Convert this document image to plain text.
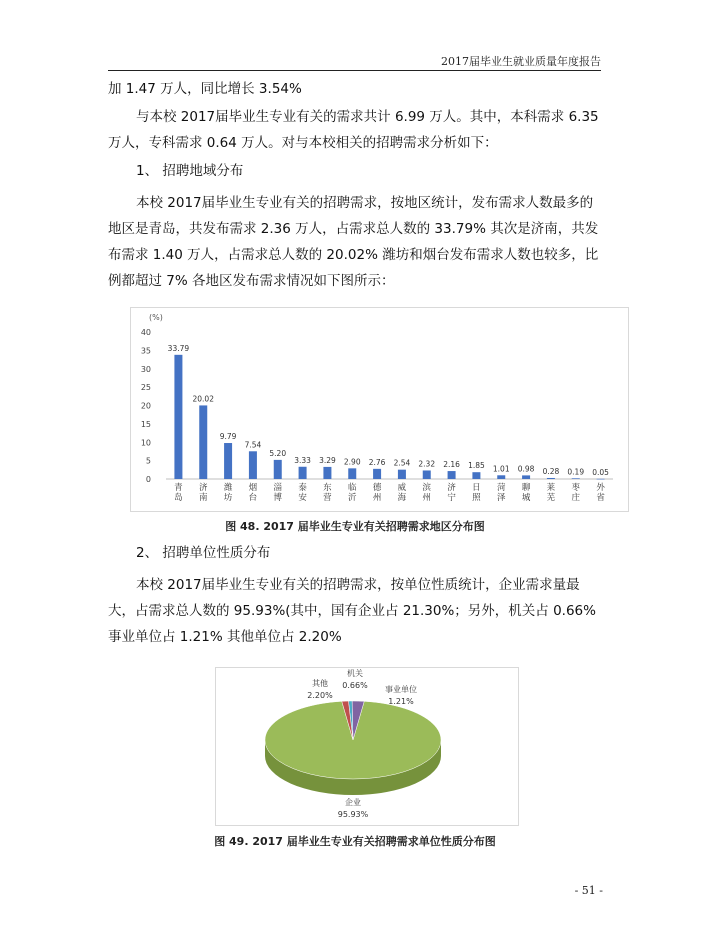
2017届毕业生就业质量年度报告

加 1.47 万人，同比增长 3.54%

与本校 2017届毕业生专业有关的需求共计 6.99 万人。其中，本科需求 6.35 万人，专科需求 0.64 万人。对与本校相关的招聘需求分析如下：

1、 招聘地域分布

本校 2017届毕业生专业有关的招聘需求，按地区统计，发布需求人数最多的地区是青岛，共发布需求 2.36 万人，占需求总人数的 33.79% 其次是济南，共发布需求 1.40 万人，占需求总人数的 20.02% 潍坊和烟台发布需求人数也较多，比例都超过 7% 各地区发布需求情况如下图所示：

(%)
0
5
10
15
20
25
30
35
40
33.79
青
岛
20.02
济
南
9.79
潍
坊
7.54
烟
台
5.20
淄
博
3.33
泰
安
3.29
东
营
2.90
临
沂
2.76
德
州
2.54
威
海
2.32
滨
州
2.16
济
宁
1.85
日
照
1.01
菏
泽
0.98
聊
城
0.28
莱
芜
0.19
枣
庄
0.05
外
省
图 48. 2017 届毕业生专业有关招聘需求地区分布图

2、 招聘单位性质分布

本校 2017届毕业生专业有关的招聘需求，按单位性质统计，企业需求量最大，占需求总人数的 95.93%(其中，国有企业占 21.30%；另外，机关占 0.66% 事业单位占 1.21% 其他单位占 2.20%

企业
95.93%
其他
2.20%
机关
0.66% 事业单位
1.21%
图 49. 2017 届毕业生专业有关招聘需求单位性质分布图
- 51 -
